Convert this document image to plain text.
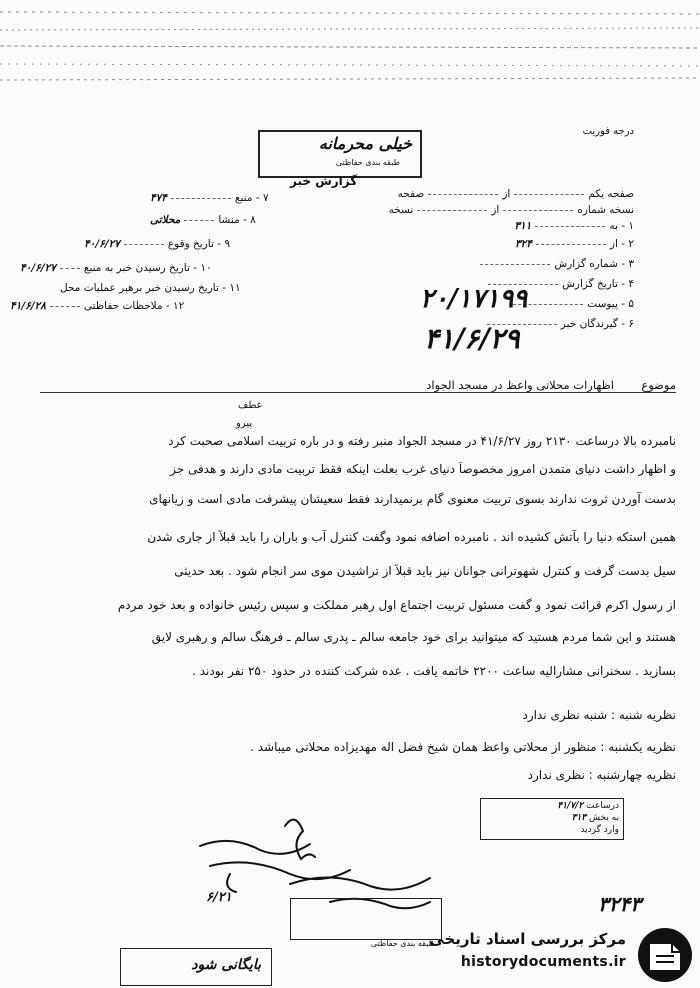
درجه فوریت
خیلی محرمانه
طبقه بندی حفاظتی
گزارش خبر
صفحه یکمازصفحه
نسخه شمارهازنسخه
۱ - به۳۱۱
۲ - از۳۲۴
۳ - شماره گزارش
۴ - تاریخ گزارش
۵ - پیوست
۶ - گیرندگان خبر
۷ - منبع۴۷۴
۸ - منشامحلاتی
۹ - تاریخ وقوع۴۰/۶/۲۷
۱۰ - تاریخ رسیدن خبر به منبع۴۰/۶/۲۷
۱۱ - تاریخ رسیدن خبر برهبر عملیات محل
۱۲ - ملاحظات حفاظتی۴۱/۶/۲۸	۲۰/۱۷۱۹۹
۴۱/۶/۲۹
موضوع
اظهارات محلاتی واعظ در مسجد الجواد
عطف
پیرو
نامبرده بالا درساعت ۲۱۳۰ روز ۴۱/۶/۲۷ در مسجد الجواد منبر رفته و در باره تربیت اسلامی صحبت کرد
و اظهار داشت دنیای متمدن امروز مخصوصاً دنیای غرب بعلت اینکه فقط تربیت مادی دارند و هدفی جز
بدست آوردن ثروت ندارند بسوی تربیت معنوی گام برنمیدارند فقط سعیشان پیشرفت مادی است و زیانهای
همین استکه دنیا را بآتش کشیده اند . نامبرده اضافه نمود وگفت کنترل آب و باران را باید قبلاً از جاری شدن
سیل بدست گرفت و کنترل شهوترانی جوانان نیز باید قبلاً از تراشیدن موی سر انجام شود . بعد حدیثی
از رسول اکرم قرائت نمود و گفت مسئول تربیت اجتماع اول رهبر مملکت و سپس رئیس خانواده و بعد خود مردم
هستند و این شما مردم هستید که میتوانید برای خود جامعه سالم ـ پدری سالم ـ فرهنگ سالم و رهبری لایق
بسازید . سخنرانی مشارالیه ساعت ۲۲۰۰ خاتمه یافت . عده شرکت کننده در حدود ۲۵۰ نفر بودند .
نظریه شنبه : شنبه نظری ندارد
نظریه یکشنبه : منظور از محلاتی واعظ همان شیخ فضل اله مهدیزاده محلاتی میباشد .
نظریه چهارشنبه : نظری ندارد
درساعت ۴۱/۷/۲
به بخش ۳۱۳
وارد گردید
۳۲۴۳
۶/۲۱
طبقه بندی حفاظتی
بایگانی شود
مرکز بررسی اسناد تاریخی
historydocuments.ir
